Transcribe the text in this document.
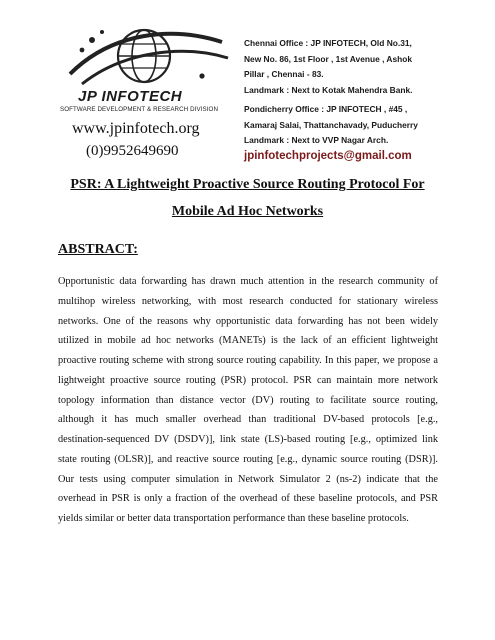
JP INFOTECH
SOFTWARE DEVELOPMENT & RESEARCH DIVISION
www.jpinfotech.org
(0)9952649690
Chennai Office : JP INFOTECH, Old No.31,
New No. 86, 1st Floor , 1st Avenue , Ashok
Pillar , Chennai - 83.
Landmark : Next to Kotak Mahendra Bank.
Pondicherry Office : JP INFOTECH , #45 ,
Kamaraj Salai, Thattanchavady, Puducherry
Landmark : Next to VVP Nagar Arch.
jpinfotechprojects@gmail.com
PSR: A Lightweight Proactive Source Routing Protocol For
Mobile Ad Hoc Networks
ABSTRACT:
Opportunistic data forwarding has drawn much attention in the research community of multihop wireless networking, with most research conducted for stationary wireless networks. One of the reasons why opportunistic data forwarding has not been widely utilized in mobile ad hoc networks (MANETs) is the lack of an efficient lightweight proactive routing scheme with strong source routing capability. In this paper, we propose a lightweight proactive source routing (PSR) protocol. PSR can maintain more network topology information than distance vector (DV) routing to facilitate source routing, although it has much smaller overhead than traditional DV-based protocols [e.g., destination-sequenced DV (DSDV)], link state (LS)-based routing [e.g., optimized link state routing (OLSR)], and reactive source routing [e.g., dynamic source routing (DSR)]. Our tests using computer simulation in Network Simulator 2 (ns-2) indicate that the overhead in PSR is only a fraction of the overhead of these baseline protocols, and PSR yields similar or better data transportation performance than these baseline protocols.
